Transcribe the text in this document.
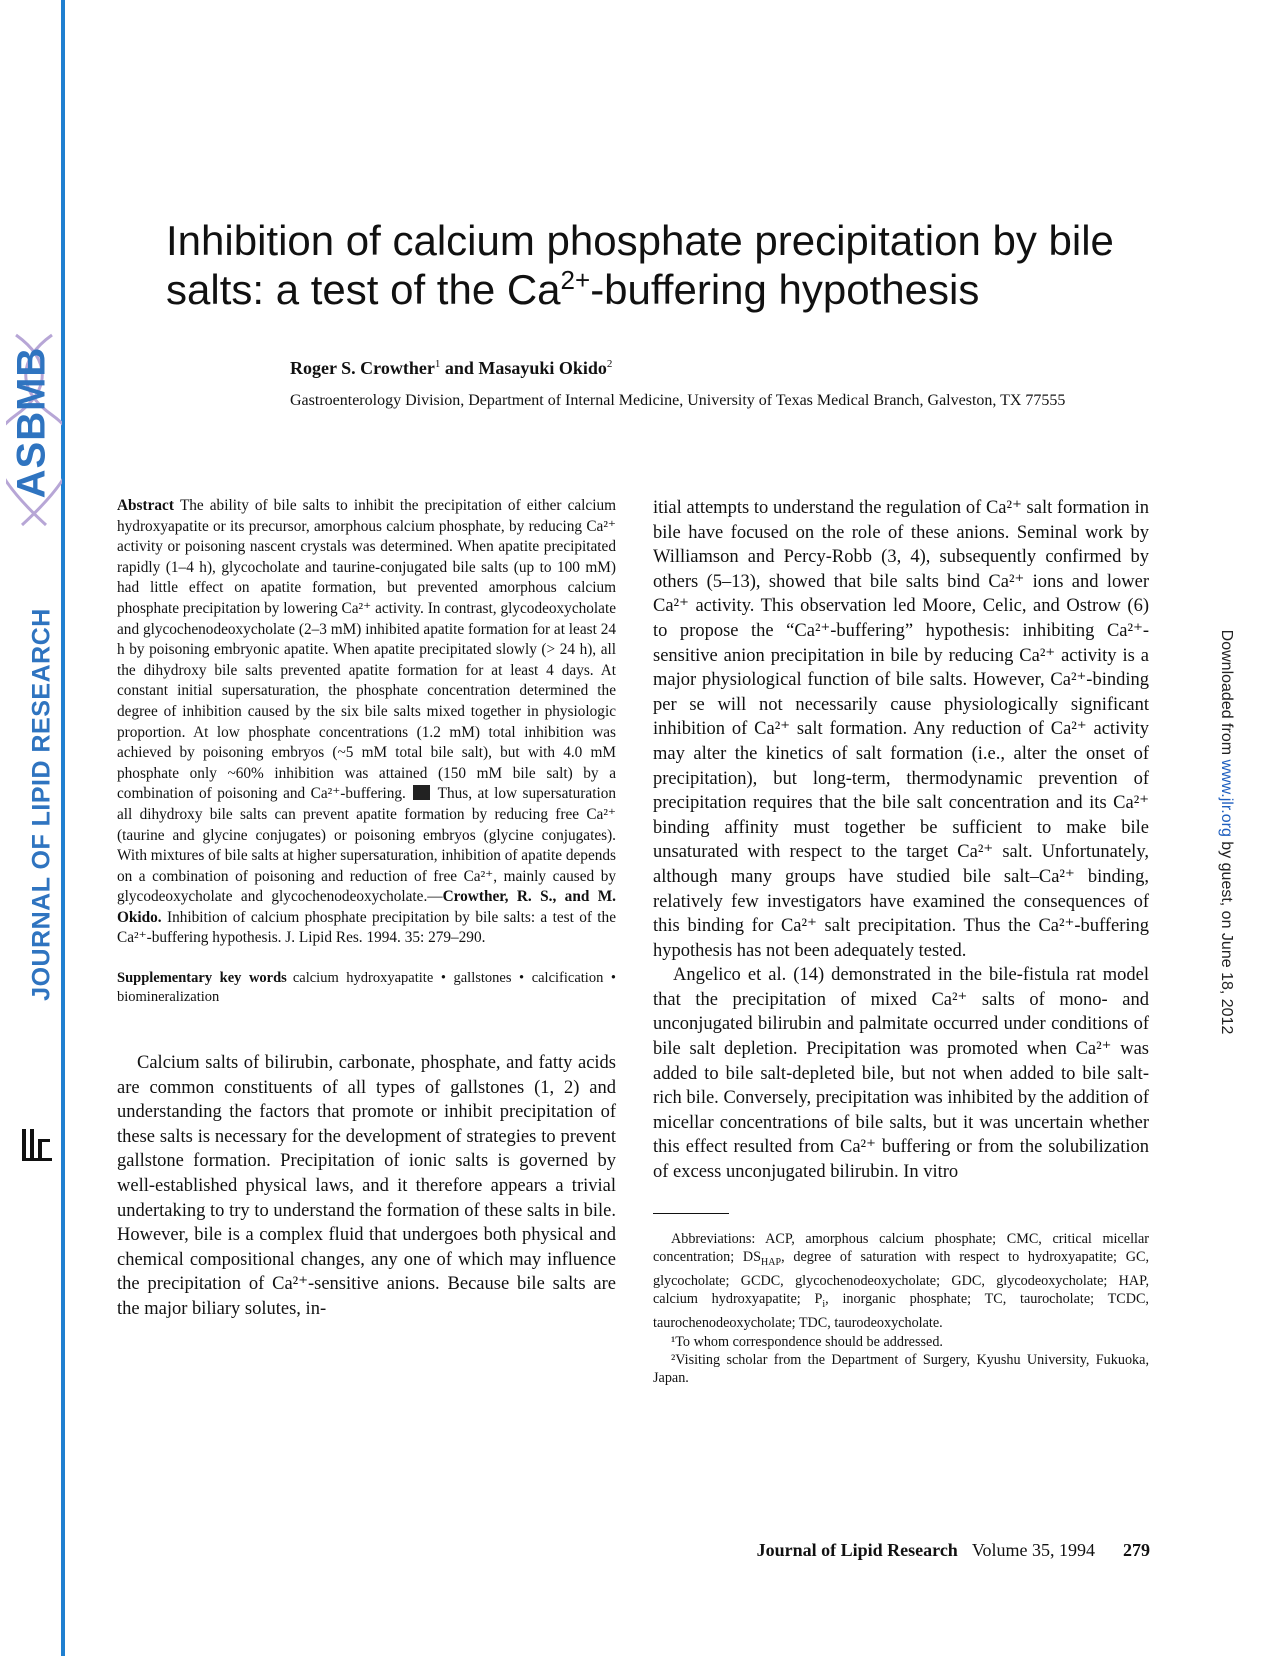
ASBMB
JOURNAL OF LIPID RESEARCH	Downloaded from www.jlr.org by guest, on June 18, 2012
Inhibition of calcium phosphate precipitation by bile
salts: a test of the $Ca^{2+}$-buffering hypothesis
Roger S. Crowther$^1$ and Masayuki Okido$^2$
Gastroenterology Division, Department of Internal Medicine, University of Texas Medical Branch, Galveston, TX 77555

Abstract The ability of bile salts to inhibit the precipitation of either calcium hydroxyapatite or its precursor, amorphous calcium phosphate, by reducing Ca²⁺ activity or poisoning nascent crystals was determined. When apatite precipitated rapidly (1–4 h), glycocholate and taurine-conjugated bile salts (up to 100 mM) had little effect on apatite formation, but prevented amorphous calcium phosphate precipitation by lowering Ca²⁺ activity. In contrast, glycodeoxycholate and glycochenodeoxycholate (2–3 mM) inhibited apatite formation for at least 24 h by poisoning embryonic apatite. When apatite precipitated slowly (> 24 h), all the dihydroxy bile salts prevented apatite formation for at least 4 days. At constant initial supersaturation, the phosphate concentration determined the degree of inhibition caused by the six bile salts mixed together in physiologic proportion. At low phosphate concentrations (1.2 mM) total inhibition was achieved by poisoning embryos (~5 mM total bile salt), but with 4.0 mM phosphate only ~60% inhibition was attained (150 mM bile salt) by a combination of poisoning and Ca²⁺-buffering. Thus, at low supersaturation all dihydroxy bile salts can prevent apatite formation by reducing free Ca²⁺ (taurine and glycine conjugates) or poisoning embryos (glycine conjugates). With mixtures of bile salts at higher supersaturation, inhibition of apatite depends on a combination of poisoning and reduction of free Ca²⁺, mainly caused by glycodeoxycholate and glycochenodeoxycholate.—Crowther, R. S., and M. Okido. Inhibition of calcium phosphate precipitation by bile salts: a test of the Ca²⁺-buffering hypothesis. J. Lipid Res. 1994. 35: 279–290.

Supplementary key words calcium hydroxyapatite • gallstones • calcification • biomineralization

Calcium salts of bilirubin, carbonate, phosphate, and fatty acids are common constituents of all types of gallstones (1, 2) and understanding the factors that promote or inhibit precipitation of these salts is necessary for the development of strategies to prevent gallstone formation. Precipitation of ionic salts is governed by well-established physical laws, and it therefore appears a trivial undertaking to try to understand the formation of these salts in bile. However, bile is a complex fluid that undergoes both physical and chemical compositional changes, any one of which may influence the precipitation of Ca²⁺-sensitive anions. Because bile salts are the major biliary solutes, in-

itial attempts to understand the regulation of Ca²⁺ salt formation in bile have focused on the role of these anions. Seminal work by Williamson and Percy-Robb (3, 4), subsequently confirmed by others (5–13), showed that bile salts bind Ca²⁺ ions and lower Ca²⁺ activity. This observation led Moore, Celic, and Ostrow (6) to propose the “Ca²⁺-buffering” hypothesis: inhibiting Ca²⁺-sensitive anion precipitation in bile by reducing Ca²⁺ activity is a major physiological function of bile salts. However, Ca²⁺-binding per se will not necessarily cause physiologically significant inhibition of Ca²⁺ salt formation. Any reduction of Ca²⁺ activity may alter the kinetics of salt formation (i.e., alter the onset of precipitation), but long-term, thermodynamic prevention of precipitation requires that the bile salt concentration and its Ca²⁺ binding affinity must together be sufficient to make bile unsaturated with respect to the target Ca²⁺ salt. Unfortunately, although many groups have studied bile salt–Ca²⁺ binding, relatively few investigators have examined the consequences of this binding for Ca²⁺ salt precipitation. Thus the Ca²⁺-buffering hypothesis has not been adequately tested.

Angelico et al. (14) demonstrated in the bile-fistula rat model that the precipitation of mixed Ca²⁺ salts of mono- and unconjugated bilirubin and palmitate occurred under conditions of bile salt depletion. Precipitation was promoted when Ca²⁺ was added to bile salt-depleted bile, but not when added to bile salt-rich bile. Conversely, precipitation was inhibited by the addition of micellar concentrations of bile salts, but it was uncertain whether this effect resulted from Ca²⁺ buffering or from the solubilization of excess unconjugated bilirubin. In vitro

Abbreviations: ACP, amorphous calcium phosphate; CMC, critical micellar concentration; $DS_{HAP}$, degree of saturation with respect to hydroxyapatite; GC, glycocholate; GCDC, glycochenodeoxycholate; GDC, glycodeoxycholate; HAP, calcium hydroxyapatite; $P_i$, inorganic phosphate; TC, taurocholate; TCDC, taurochenodeoxycholate; TDC, taurodeoxycholate.

¹To whom correspondence should be addressed.

²Visiting scholar from the Department of Surgery, Kyushu University, Fukuoka, Japan.

Journal of Lipid Research Volume 35, 1994 279
